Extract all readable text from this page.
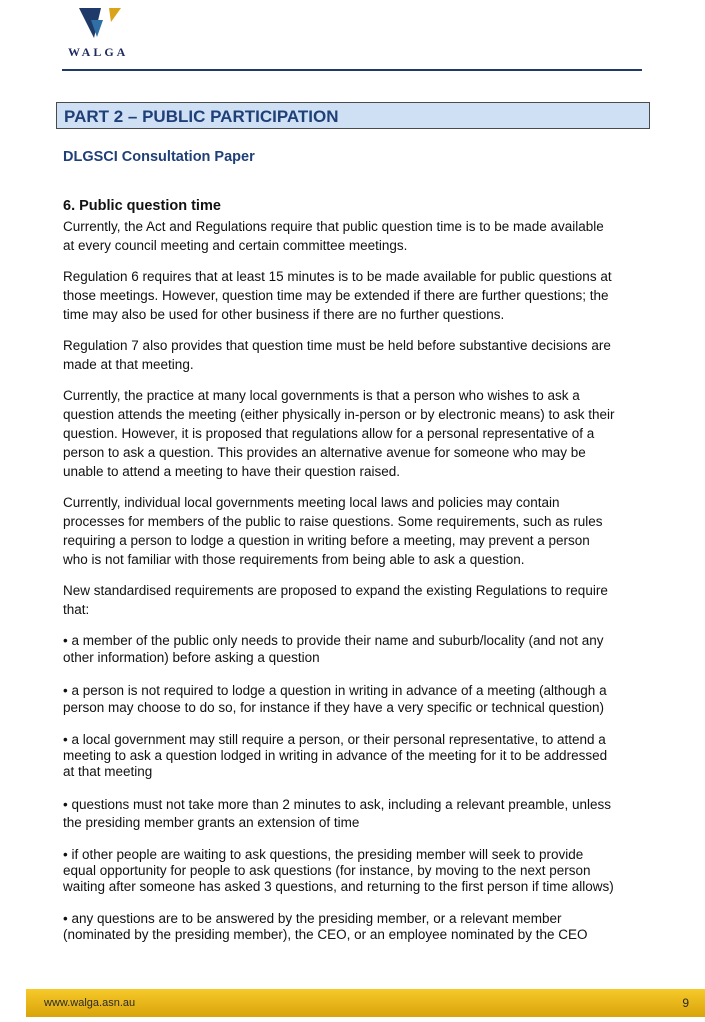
WALGA
PART 2 – PUBLIC PARTICIPATION
DLGSCI Consultation Paper
6. Public question time
Currently, the Act and Regulations require that public question time is to be made available
at every council meeting and certain committee meetings.
Regulation 6 requires that at least 15 minutes is to be made available for public questions at
those meetings. However, question time may be extended if there are further questions; the
time may also be used for other business if there are no further questions.
Regulation 7 also provides that question time must be held before substantive decisions are
made at that meeting.
Currently, the practice at many local governments is that a person who wishes to ask a
question attends the meeting (either physically in-person or by electronic means) to ask their
question. However, it is proposed that regulations allow for a personal representative of a
person to ask a question. This provides an alternative avenue for someone who may be
unable to attend a meeting to have their question raised.
Currently, individual local governments meeting local laws and policies may contain
processes for members of the public to raise questions. Some requirements, such as rules
requiring a person to lodge a question in writing before a meeting, may prevent a person
who is not familiar with those requirements from being able to ask a question.
New standardised requirements are proposed to expand the existing Regulations to require
that:
• a member of the public only needs to provide their name and suburb/locality (and not any
other information) before asking a question
• a person is not required to lodge a question in writing in advance of a meeting (although a
person may choose to do so, for instance if they have a very specific or technical question)
• a local government may still require a person, or their personal representative, to attend a
meeting to ask a question lodged in writing in advance of the meeting for it to be addressed
at that meeting
• questions must not take more than 2 minutes to ask, including a relevant preamble, unless
the presiding member grants an extension of time
• if other people are waiting to ask questions, the presiding member will seek to provide
equal opportunity for people to ask questions (for instance, by moving to the next person
waiting after someone has asked 3 questions, and returning to the first person if time allows)
• any questions are to be answered by the presiding member, or a relevant member
(nominated by the presiding member), the CEO, or an employee nominated by the CEO
www.walga.asn.au	9
